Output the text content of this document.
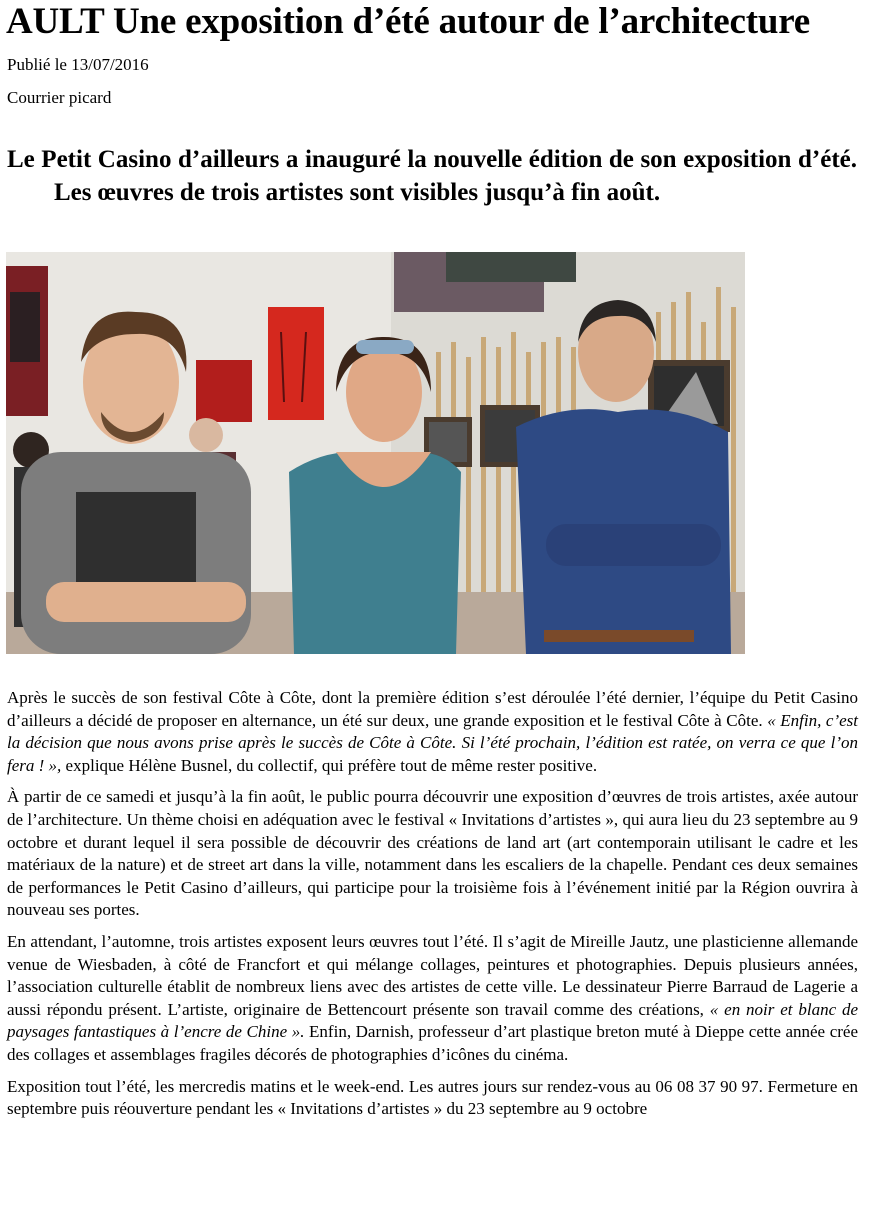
AULT Une exposition d’été autour de l’architecture
Publié le 13/07/2016
Courrier picard

Le Petit Casino d’ailleurs a inauguré la nouvelle édition de son exposition d’été. Les œuvres de trois artistes sont visibles jusqu’à fin août.

Après le succès de son festival Côte à Côte, dont la première édition s’est déroulée l’été dernier, l’équipe du Petit Casino d’ailleurs a décidé de proposer en alternance, un été sur deux, une grande exposition et le festival Côte à Côte. « Enfin, c’est la décision que nous avons prise après le succès de Côte à Côte. Si l’été prochain, l’édition est ratée, on verra ce que l’on fera ! », explique Hélène Busnel, du collectif, qui préfère tout de même rester positive.

À partir de ce samedi et jusqu’à la fin août, le public pourra découvrir une exposition d’œuvres de trois artistes, axée autour de l’architecture. Un thème choisi en adéquation avec le festival « Invitations d’artistes », qui aura lieu du 23 septembre au 9 octobre et durant lequel il sera possible de découvrir des créations de land art (art contemporain utilisant le cadre et les matériaux de la nature) et de street art dans la ville, notamment dans les escaliers de la chapelle. Pendant ces deux semaines de performances le Petit Casino d’ailleurs, qui participe pour la troisième fois à l’événement initié par la Région ouvrira à nouveau ses portes.

En attendant, l’automne, trois artistes exposent leurs œuvres tout l’été. Il s’agit de Mireille Jautz, une plasticienne allemande venue de Wiesbaden, à côté de Francfort et qui mélange collages, peintures et photographies. Depuis plusieurs années, l’association culturelle établit de nombreux liens avec des artistes de cette ville. Le dessinateur Pierre Barraud de Lagerie a aussi répondu présent. L’artiste, originaire de Bettencourt présente son travail comme des créations, « en noir et blanc de paysages fantastiques à l’encre de Chine ». Enfin, Darnish, professeur d’art plastique breton muté à Dieppe cette année crée des collages et assemblages fragiles décorés de photographies d’icônes du cinéma.

Exposition tout l’été, les mercredis matins et le week-end. Les autres jours sur rendez-vous au 06 08 37 90 97. Fermeture en septembre puis réouverture pendant les « Invitations d’artistes » du 23 septembre au 9 octobre
